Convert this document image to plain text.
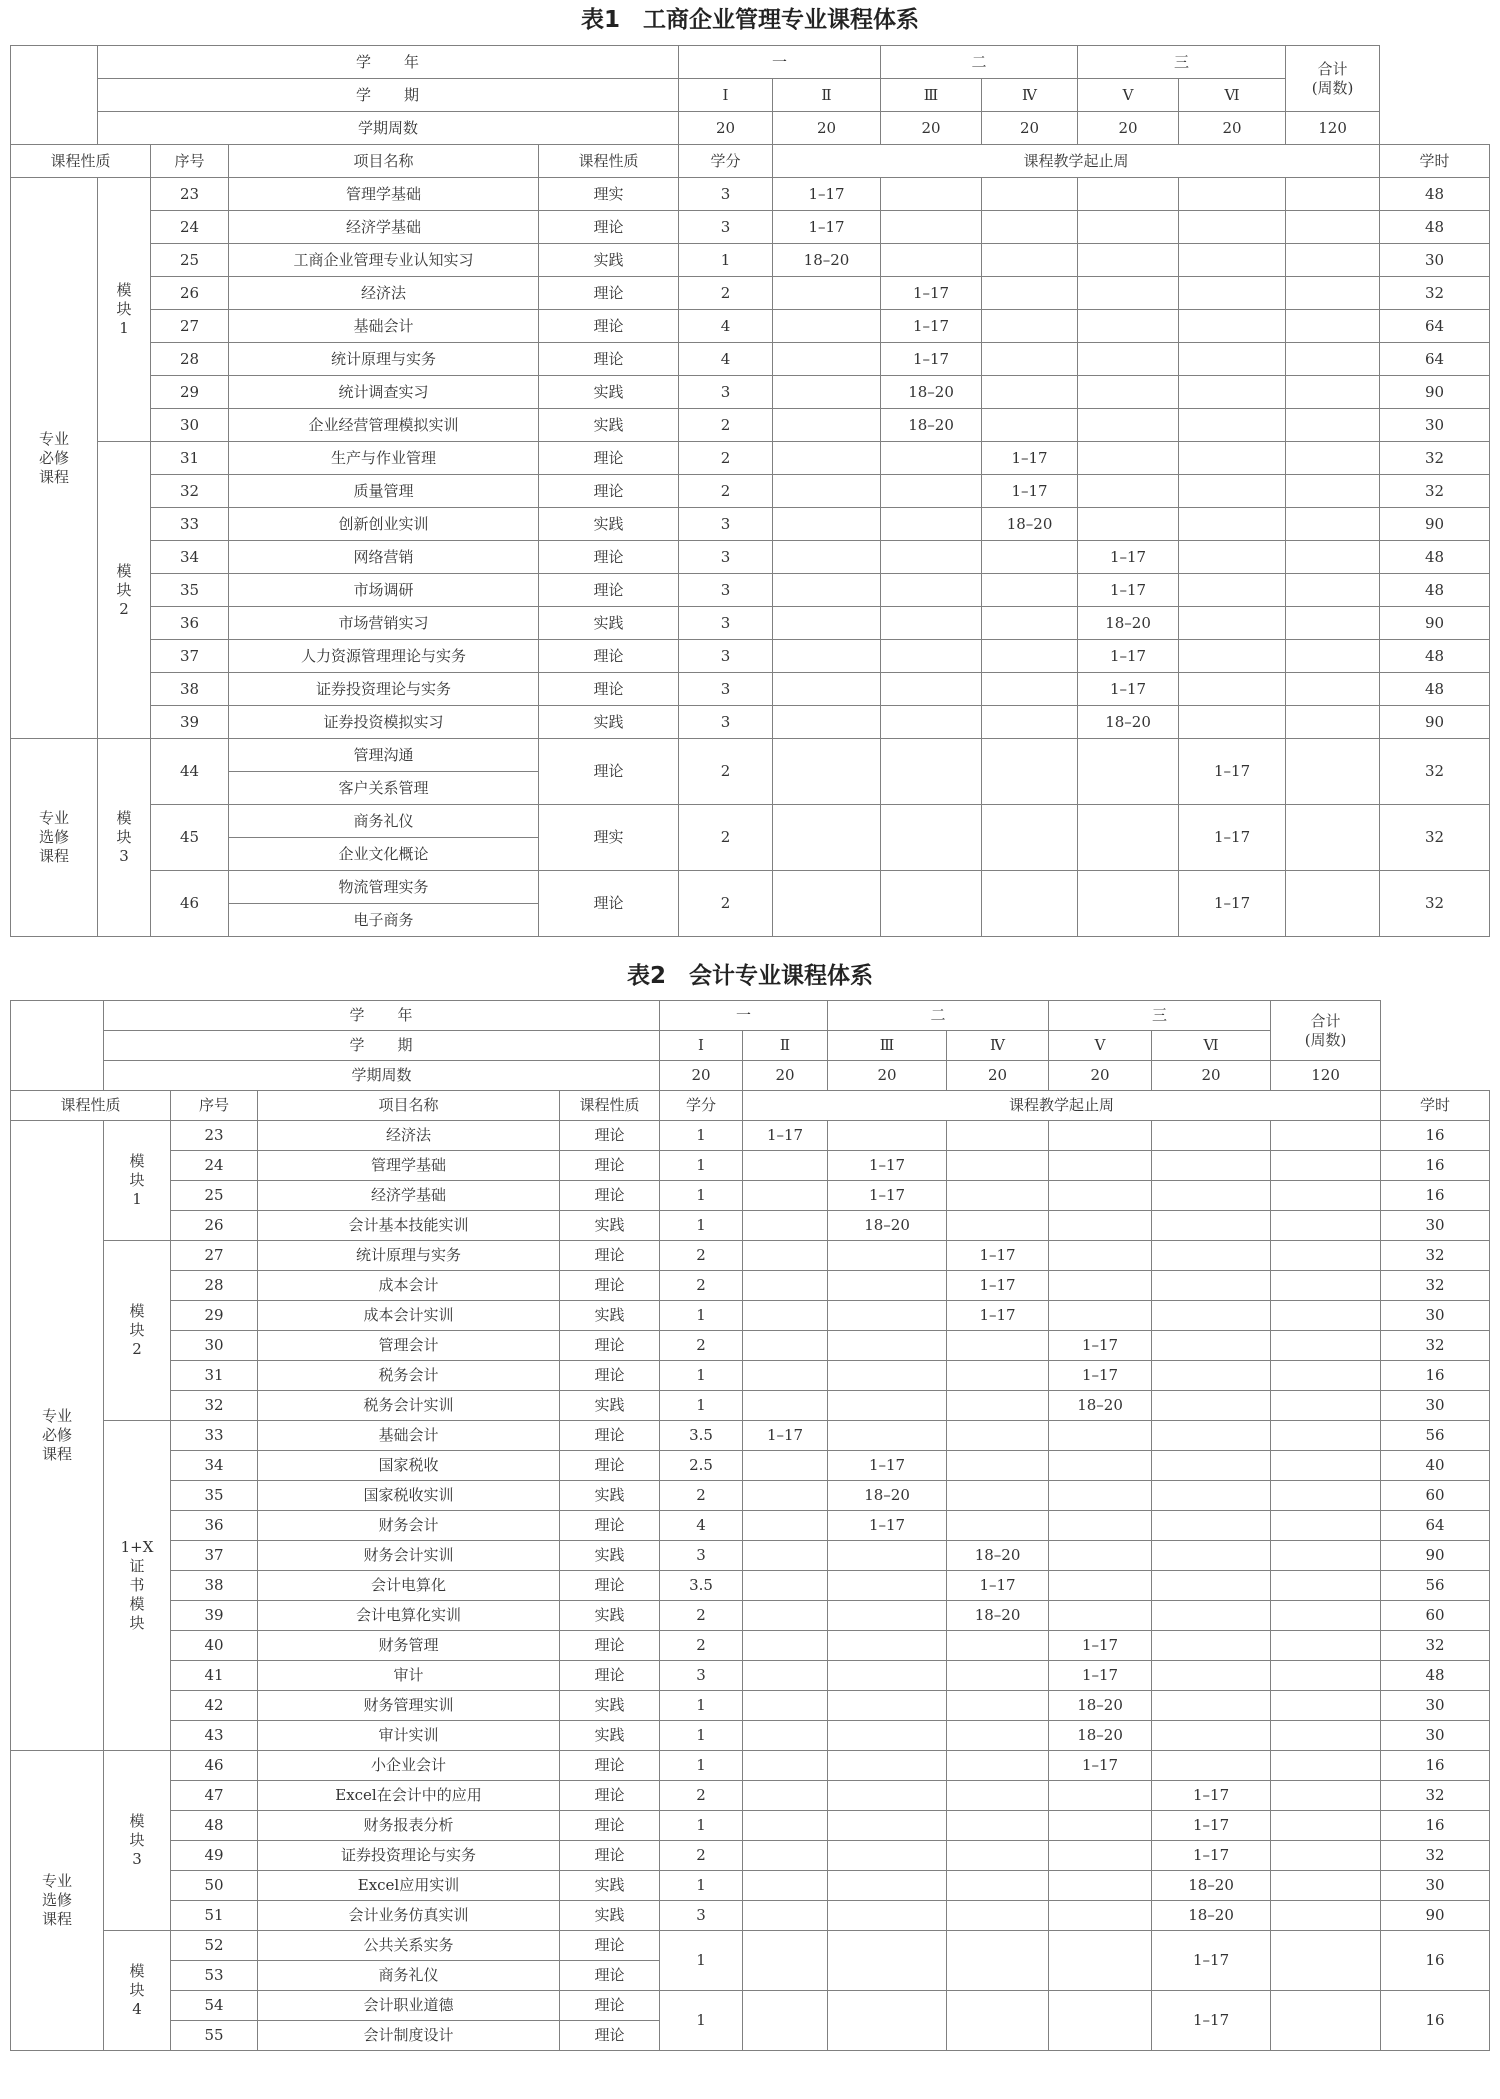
表1　工商企业管理专业课程体系
	学　　年				一		二		三		合计
(周数)	
	学　　期				Ⅰ	Ⅱ	Ⅲ	Ⅳ	Ⅴ	Ⅵ		
	学期周数				20	20	20	20	20	20	120	
课程性质		序号	项目名称	课程性质	学分	课程教学起止周						学时
专业
必修
课程	模
块
1	23	管理学基础	理实	3	1–17						48
		24	经济学基础	理论	3	1–17						48
		25	工商企业管理专业认知实习	实践	1	18–20						30
		26	经济法	理论	2		1–17					32
		27	基础会计	理论	4		1–17					64
		28	统计原理与实务	理论	4		1–17					64
		29	统计调查实习	实践	3		18–20					90
		30	企业经营管理模拟实训	实践	2		18–20					30
	模
块
2	31	生产与作业管理	理论	2			1–17				32
		32	质量管理	理论	2			1–17				32
		33	创新创业实训	实践	3			18–20				90
		34	网络营销	理论	3				1–17			48
		35	市场调研	理论	3				1–17			48
		36	市场营销实习	实践	3				18–20			90
		37	人力资源管理理论与实务	理论	3				1–17			48
		38	证券投资理论与实务	理论	3				1–17			48
		39	证券投资模拟实习	实践	3				18–20			90
专业
选修
课程	模
块
3	44	管理沟通	理论	2					1–17		32
			客户关系管理									
		45	商务礼仪	理实	2					1–17		32
			企业文化概论									
		46	物流管理实务	理论	2					1–17		32
			电子商务									
表2　会计专业课程体系
	学　　年				一		二		三		合计
(周数)	
	学　　期				Ⅰ	Ⅱ	Ⅲ	Ⅳ	Ⅴ	Ⅵ		
	学期周数				20	20	20	20	20	20	120	
课程性质		序号	项目名称	课程性质	学分	课程教学起止周						学时
专业
必修
课程	模
块
1	23	经济法	理论	1	1–17						16
		24	管理学基础	理论	1		1–17					16
		25	经济学基础	理论	1		1–17					16
		26	会计基本技能实训	实践	1		18–20					30
	模
块
2	27	统计原理与实务	理论	2			1–17				32
		28	成本会计	理论	2			1–17				32
		29	成本会计实训	实践	1			1–17				30
		30	管理会计	理论	2				1–17			32
		31	税务会计	理论	1				1–17			16
		32	税务会计实训	实践	1				18–20			30
	1+X
证
书
模
块	33	基础会计	理论	3.5	1–17						56
		34	国家税收	理论	2.5		1–17					40
		35	国家税收实训	实践	2		18–20					60
		36	财务会计	理论	4		1–17					64
		37	财务会计实训	实践	3			18–20				90
		38	会计电算化	理论	3.5			1–17				56
		39	会计电算化实训	实践	2			18–20				60
		40	财务管理	理论	2				1–17			32
		41	审计	理论	3				1–17			48
		42	财务管理实训	实践	1				18–20			30
		43	审计实训	实践	1				18–20			30
专业
选修
课程	模
块
3	46	小企业会计	理论	1				1–17			16
		47	Excel在会计中的应用	理论	2					1–17		32
		48	财务报表分析	理论	1					1–17		16
		49	证券投资理论与实务	理论	2					1–17		32
		50	Excel应用实训	实践	1					18–20		30
		51	会计业务仿真实训	实践	3					18–20		90
	模
块
4	52	公共关系实务	理论	1					1–17		16
		53	商务礼仪	理论								
		54	会计职业道德	理论	1					1–17		16
		55	会计制度设计	理论								
